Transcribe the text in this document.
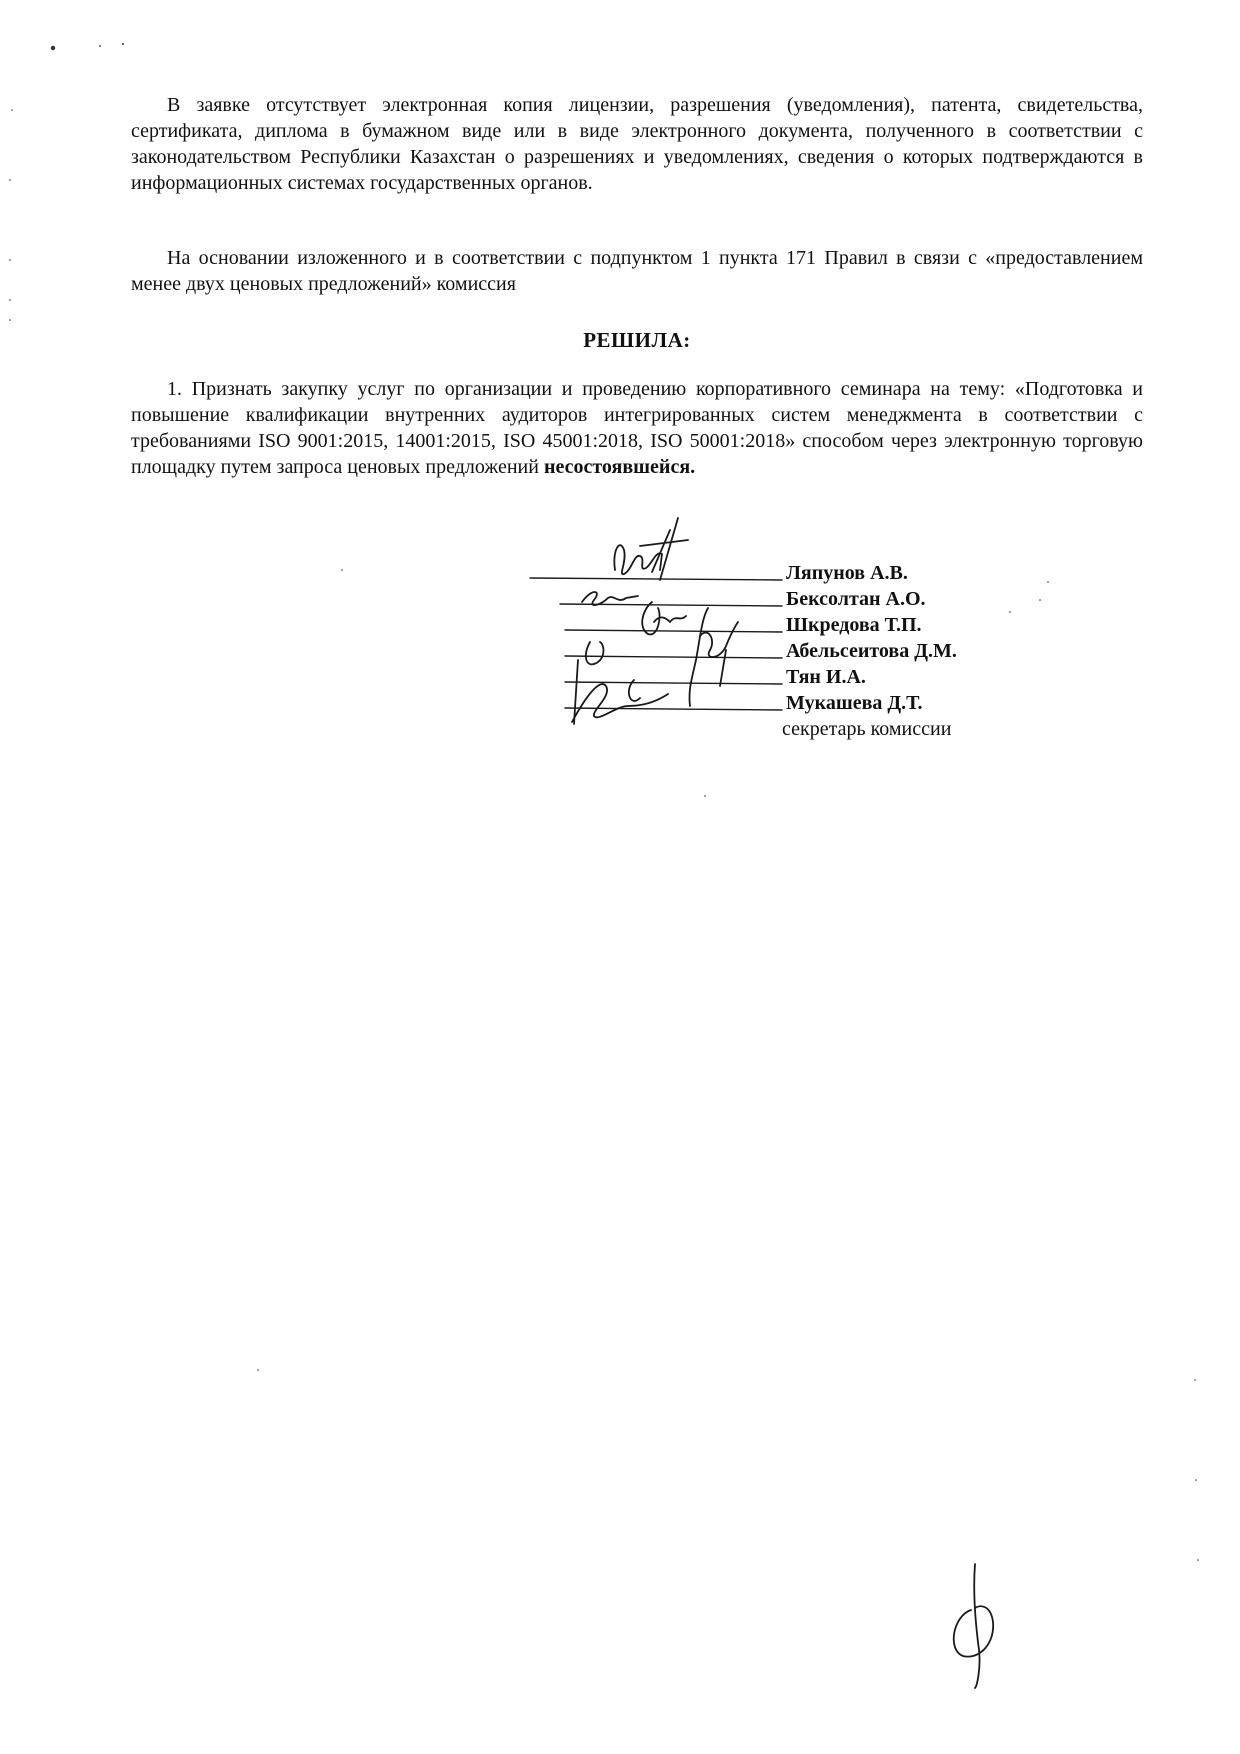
В заявке отсутствует электронная копия лицензии, разрешения (уведомления), патента, свидетельства, сертификата, диплома в бумажном виде или в виде электронного документа, полученного в соответствии с законодательством Республики Казахстан о разрешениях и уведомлениях, сведения о которых подтверждаются в информационных системах государственных органов.

На основании изложенного и в соответствии с подпунктом 1 пункта 171 Правил в связи с «предоставлением менее двух ценовых предложений» комиссия

РЕШИЛА:

1. Признать закупку услуг по организации и проведению корпоративного семинара на тему: «Подготовка и повышение квалификации внутренних аудиторов интегрированных систем менеджмента в соответствии с требованиями ISO 9001:2015, 14001:2015, ISO 45001:2018, ISO 50001:2018» способом через электронную торговую площадку путем запроса ценовых предложений несостоявшейся.

Ляпунов А.В.
Бексолтан А.О.
Шкредова Т.П.
Абельсеитова Д.М.
Тян И.А.
Мукашева Д.Т.
секретарь комиссии
